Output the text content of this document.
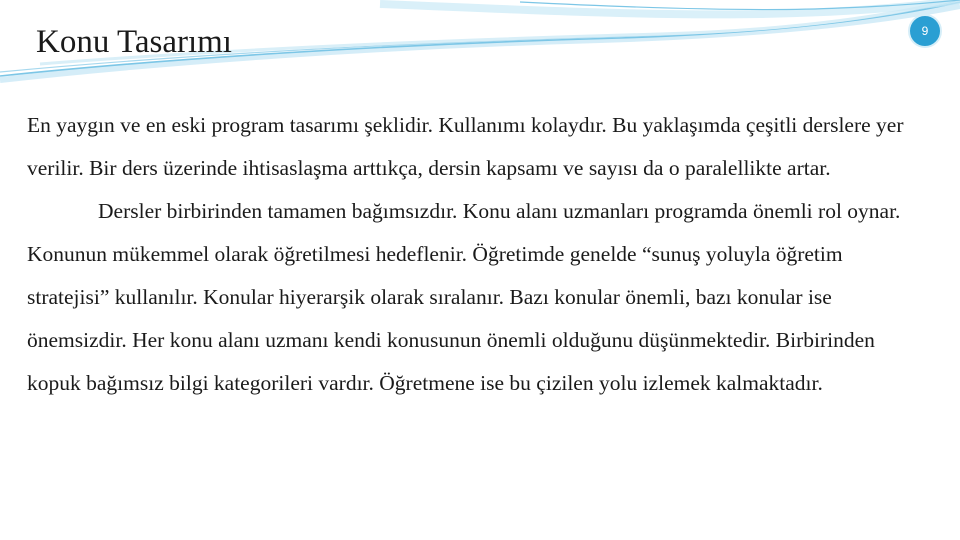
Konu Tasarımı	9

En yaygın ve en eski program tasarımı şeklidir. Kullanımı kolaydır. Bu yaklaşımda çeşitli derslere yer verilir. Bir ders üzerinde ihtisaslaşma arttıkça, dersin kapsamı ve sayısı da o paralellikte artar.

Dersler birbirinden tamamen bağımsızdır. Konu alanı uzmanları programda önemli rol oynar. Konunun mükemmel olarak öğretilmesi hedeflenir. Öğretimde genelde “sunuş yoluyla öğretim stratejisi” kullanılır. Konular hiyerarşik olarak sıralanır. Bazı konular önemli, bazı konular ise önemsizdir. Her konu alanı uzmanı kendi konusunun önemli olduğunu düşünmektedir. Birbirinden kopuk bağımsız bilgi kategorileri vardır. Öğretmene ise bu çizilen yolu izlemek kalmaktadır.
